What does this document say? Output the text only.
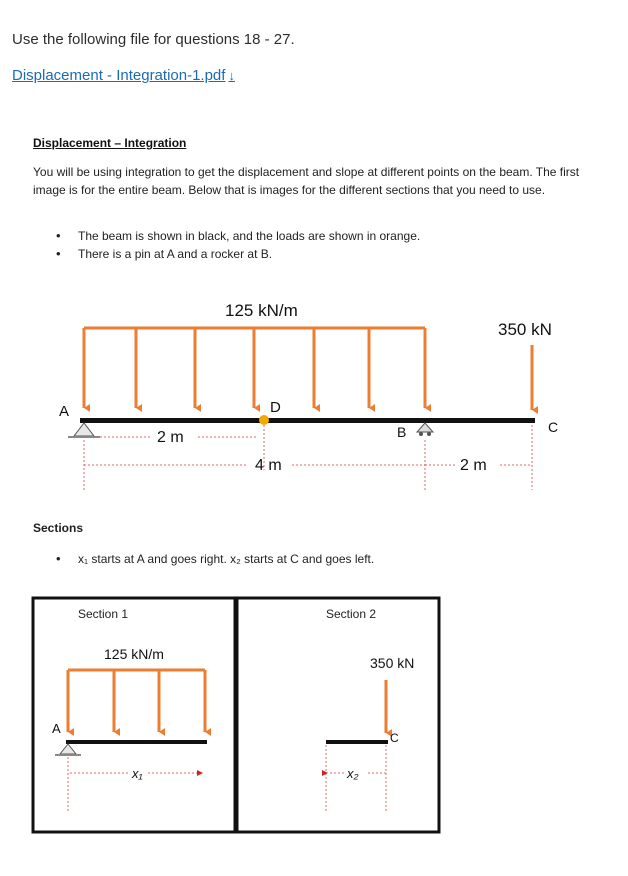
Use the following file for questions 18 - 27.
Displacement - Integration-1.pdf ↓
Displacement – Integration
You will be using integration to get the displacement and slope at different points on the beam. The first image is for the entire beam. Below that is images for the different sections that you need to use.
• The beam is shown in black, and the loads are shown in orange.
• There is a pin at A and a rocker at B.
Sections
• x₁ starts at A and goes right. x₂ starts at C and goes left.
125 kN/m
350 kN
A	D
B	C
2 m
4 m	2 m
Section 1
125 kN/m
A
x₁
Section 2
350 kN
C
x₂
